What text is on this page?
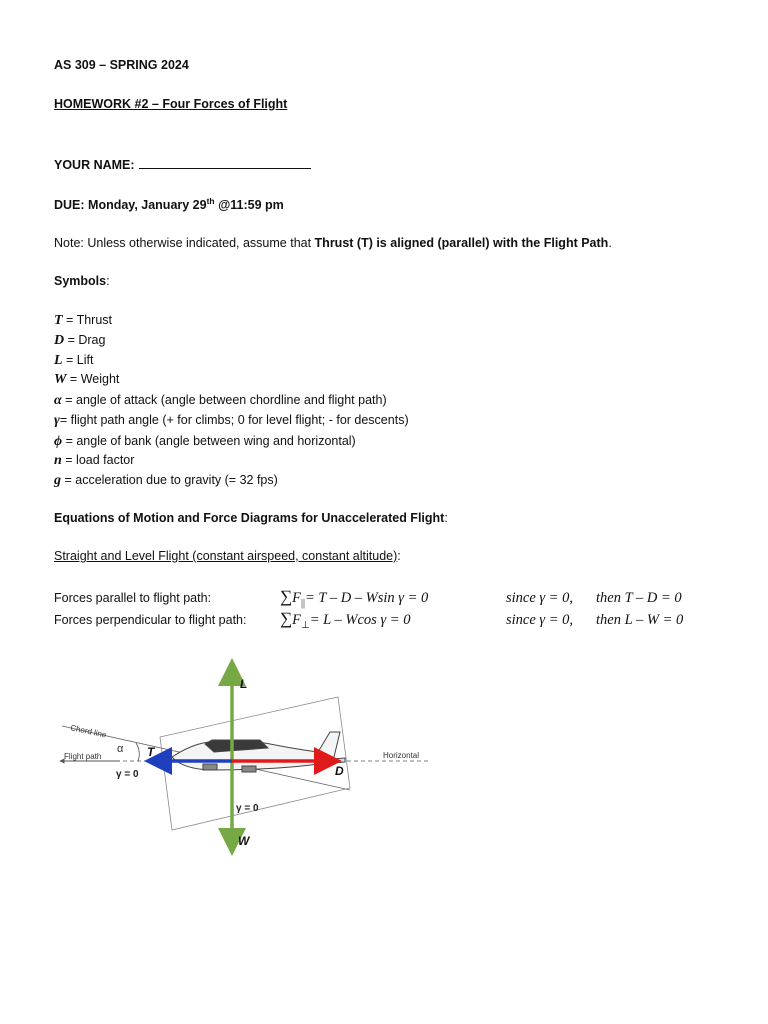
AS 309 – SPRING 2024
HOMEWORK #2 – Four Forces of Flight
YOUR NAME:
DUE: Monday, January 29th @11:59 pm
Note: Unless otherwise indicated, assume that Thrust (T) is aligned (parallel) with the Flight Path.
Symbols:
T = Thrust
D = Drag
L = Lift
W = Weight
α = angle of attack (angle between chordline and flight path)
γ= flight path angle (+ for climbs; 0 for level flight; - for descents)
ϕ = angle of bank (angle between wing and horizontal)
n = load factor
g = acceleration due to gravity (= 32 fps)
Equations of Motion and Force Diagrams for Unaccelerated Flight:
Straight and Level Flight (constant airspeed, constant altitude):
Forces parallel to flight path:	$\sum F_{||}= T - D - Wsin$ γ = 0	since γ = 0, then T – D = 0
Forces perpendicular to flight path: $\sum F_\perp= L - Wcos$ γ = 0	since γ = 0, then L – W = 0
Chord line
Flight path	Horizontal
α
γ = 0
γ = 0
L
W
T
D
